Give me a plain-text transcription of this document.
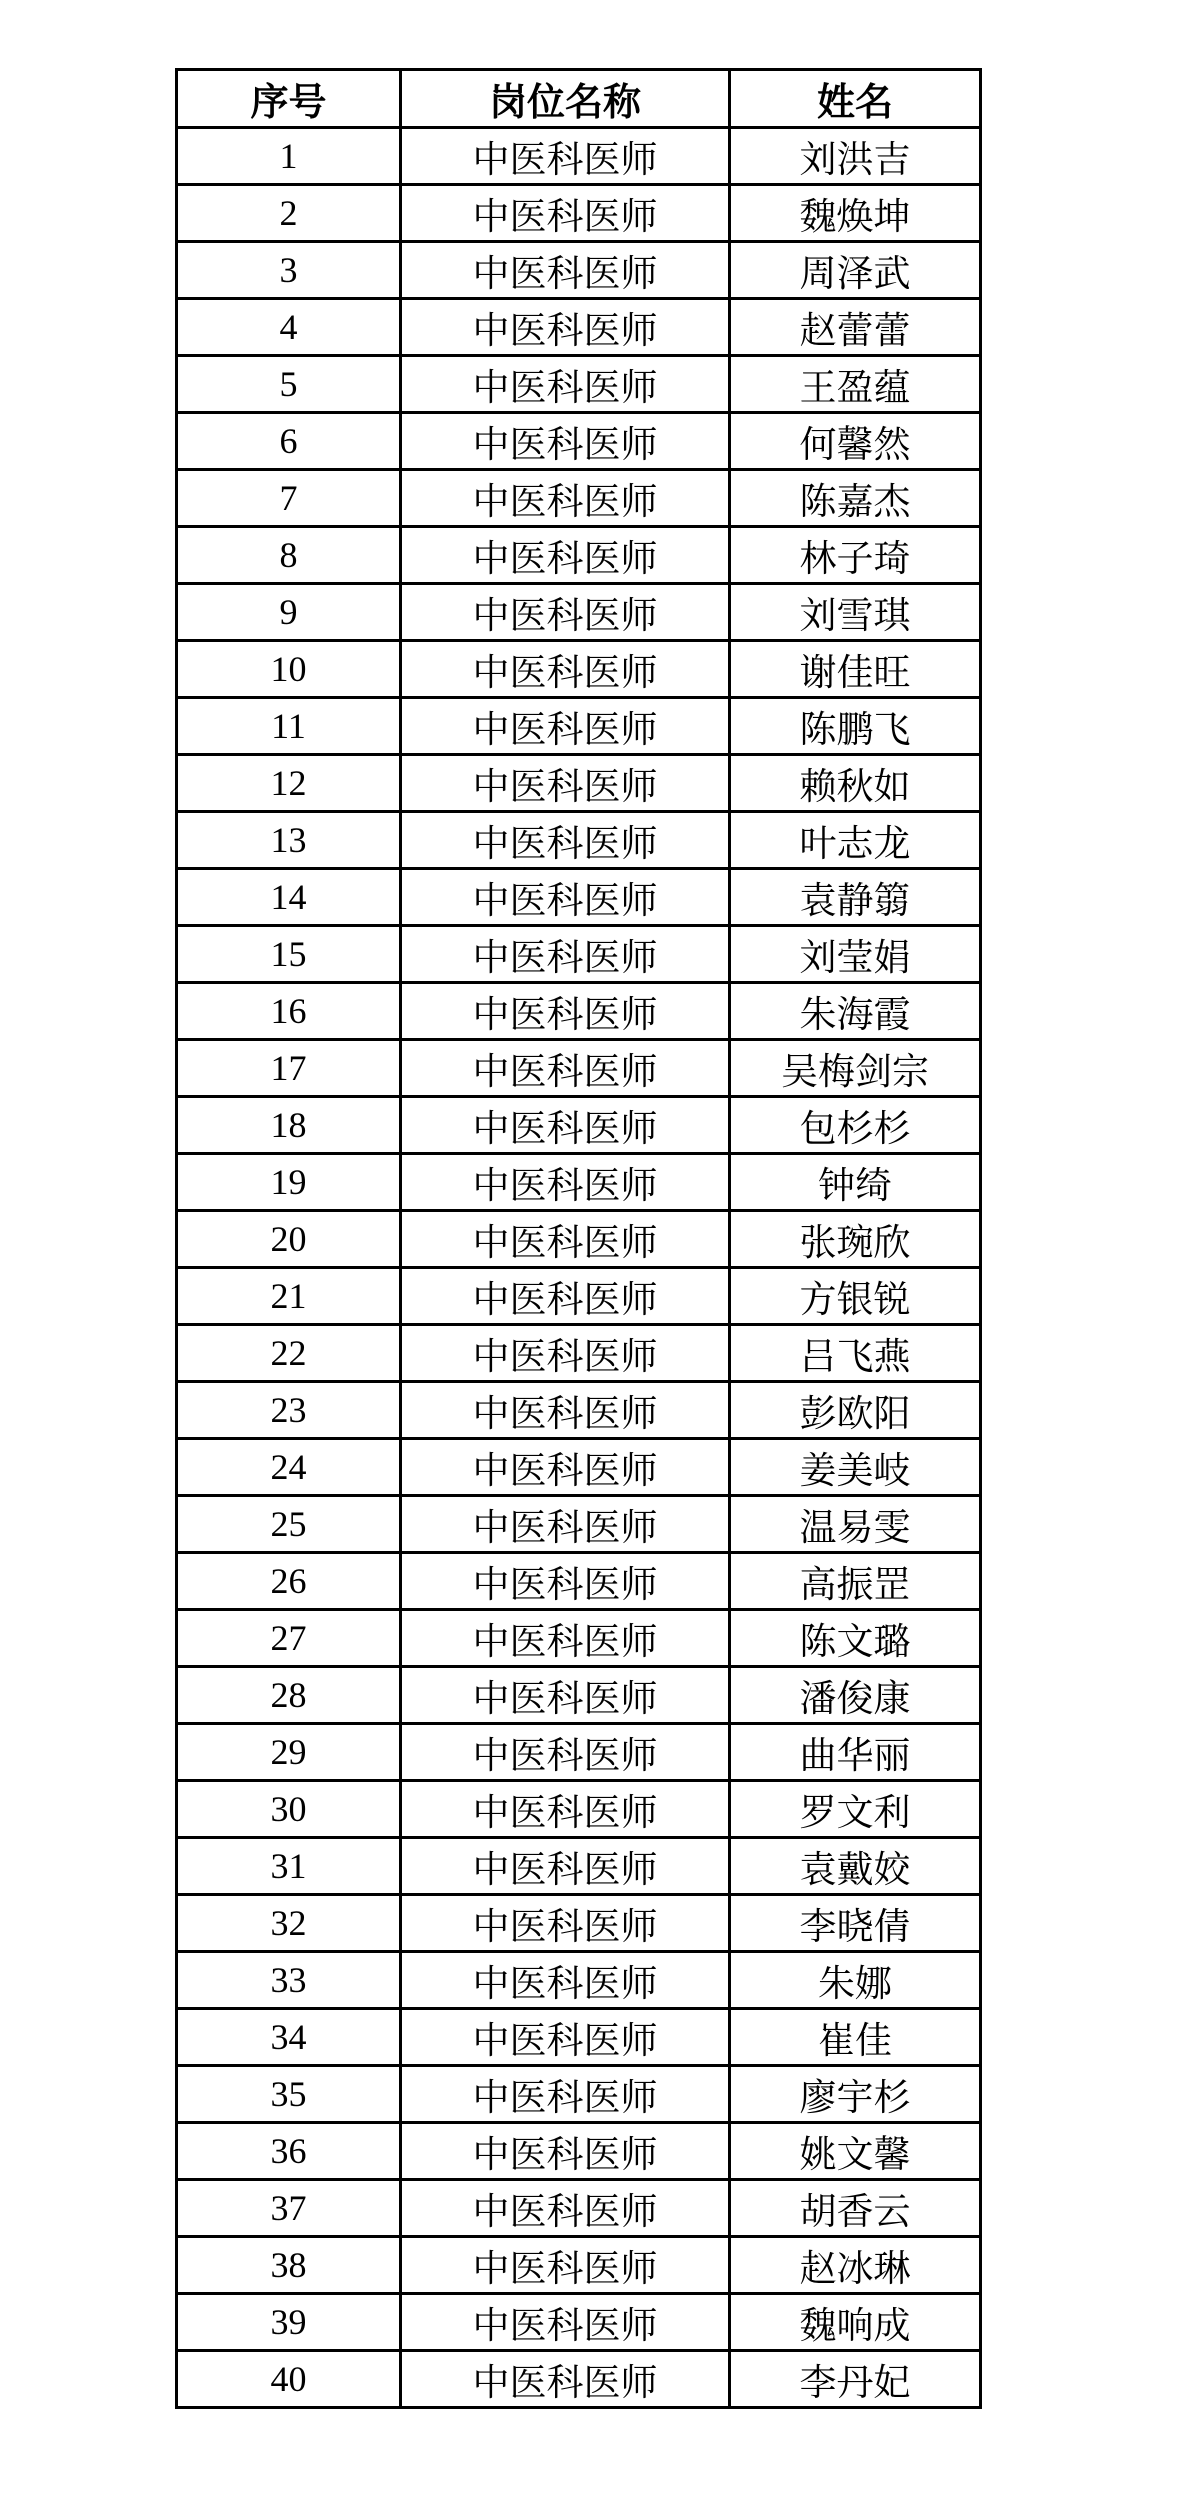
序号	岗位名称	姓名
1	中医科医师	刘洪吉
2	中医科医师	魏焕坤
3	中医科医师	周泽武
4	中医科医师	赵蕾蕾
5	中医科医师	王盈蕴
6	中医科医师	何馨然
7	中医科医师	陈嘉杰
8	中医科医师	林子琦
9	中医科医师	刘雪琪
10	中医科医师	谢佳旺
11	中医科医师	陈鹏飞
12	中医科医师	赖秋如
13	中医科医师	叶志龙
14	中医科医师	袁静篛
15	中医科医师	刘莹娟
16	中医科医师	朱海霞
17	中医科医师	吴梅剑宗
18	中医科医师	包杉杉
19	中医科医师	钟绮
20	中医科医师	张琬欣
21	中医科医师	方银锐
22	中医科医师	吕飞燕
23	中医科医师	彭欧阳
24	中医科医师	姜美岐
25	中医科医师	温易雯
26	中医科医师	高振罡
27	中医科医师	陈文璐
28	中医科医师	潘俊康
29	中医科医师	曲华丽
30	中医科医师	罗文利
31	中医科医师	袁戴姣
32	中医科医师	李晓倩
33	中医科医师	朱娜
34	中医科医师	崔佳
35	中医科医师	廖宇杉
36	中医科医师	姚文馨
37	中医科医师	胡香云
38	中医科医师	赵冰琳
39	中医科医师	魏响成
40	中医科医师	李丹妃
